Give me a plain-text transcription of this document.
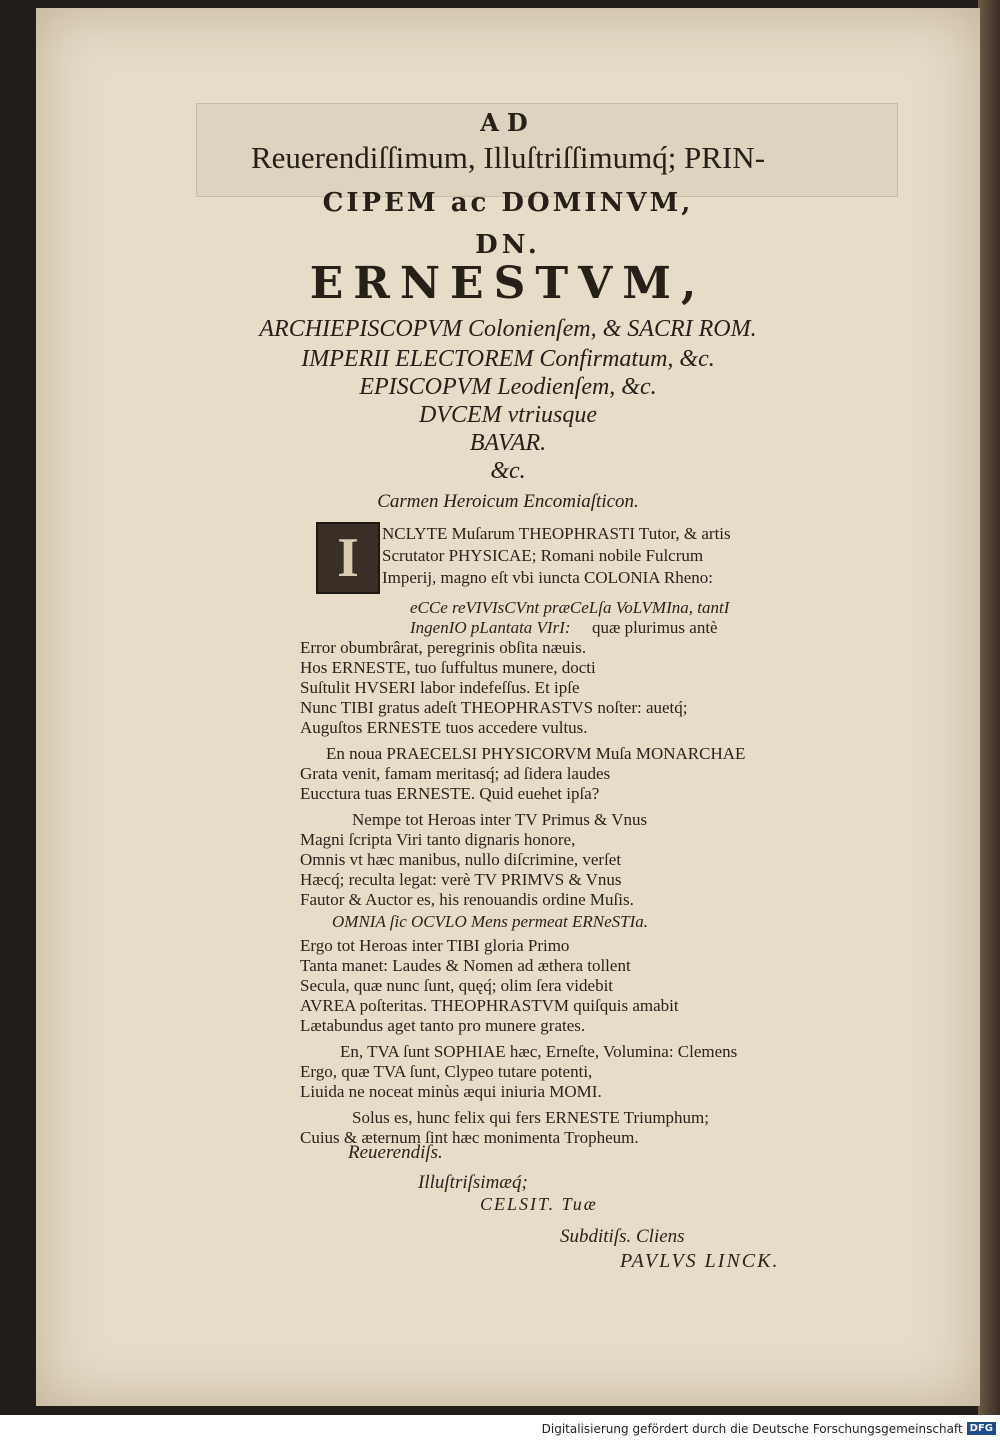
AD
Reuerendiſſimum, Illuſtriſſimumq́; PRIN-
CIPEM ac DOMINVM,
DN.
ERNESTVM,
ARCHIEPISCOPVM Colonienſem, & SACRI ROM.
IMPERII ELECTOREM Confirmatum, &c.
EPISCOPVM Leodienſem, &c.
DVCEM vtriusque
BAVAR.
&c.
Carmen Heroicum Encomiaſticon.
I	NCLYTE Muſarum THEOPHRASTI Tutor, & artis
Scrutator PHYSICAE; Romani nobile Fulcrum
Imperij, magno eſt vbi iuncta COLONIA Rheno:
eCCe reVIVIsCVnt præCeLſa VoLVMIna, tantI
IngenIO pLantata VIrI: quæ plurimus antè
Error obumbrârat, peregrinis obſita næuis.
Hos ERNESTE, tuo ſuffultus munere, docti
Suſtulit HVSERI labor indefeſſus. Et ipſe
Nunc TIBI gratus adeſt THEOPHRASTVS noſter: auetq́;
Auguſtos ERNESTE tuos accedere vultus.
En noua PRAECELSI PHYSICORVM Muſa MONARCHAE
Grata venit, famam meritasq́; ad ſidera laudes
Eucctura tuas ERNESTE. Quid euehet ipſa?
Nempe tot Heroas inter TV Primus & Vnus
Magni ſcripta Viri tanto dignaris honore,
Omnis vt hæc manibus, nullo diſcrimine, verſet
Hæcq́; reculta legat: verè TV PRIMVS & Vnus
Fautor & Auctor es, his renouandis ordine Muſis.
OMNIA ſic OCVLO Mens permeat ERNeSTIa.
Ergo tot Heroas inter TIBI gloria Primo
Tanta manet: Laudes & Nomen ad æthera tollent
Secula, quæ nunc ſunt, quęq́; olim ſera videbit
AVREA poſteritas. THEOPHRASTVM quiſquis amabit
Lætabundus aget tanto pro munere grates.
En, TVA ſunt SOPHIAE hæc, Erneſte, Volumina: Clemens
Ergo, quæ TVA ſunt, Clypeo tutare potenti,
Liuida ne noceat minùs æqui iniuria MOMI.
Solus es, hunc felix qui fers ERNESTE Triumphum;
Cuius & æternum ſint hæc monimenta Tropheum.
Reuerendiſs.
Illuſtriſsimæq́;
CELSIT. Tuæ
Subditiſs. Cliens
PAVLVS LINCK.
Digitalisierung gefördert durch die Deutsche Forschungsgemeinschaft DFG
